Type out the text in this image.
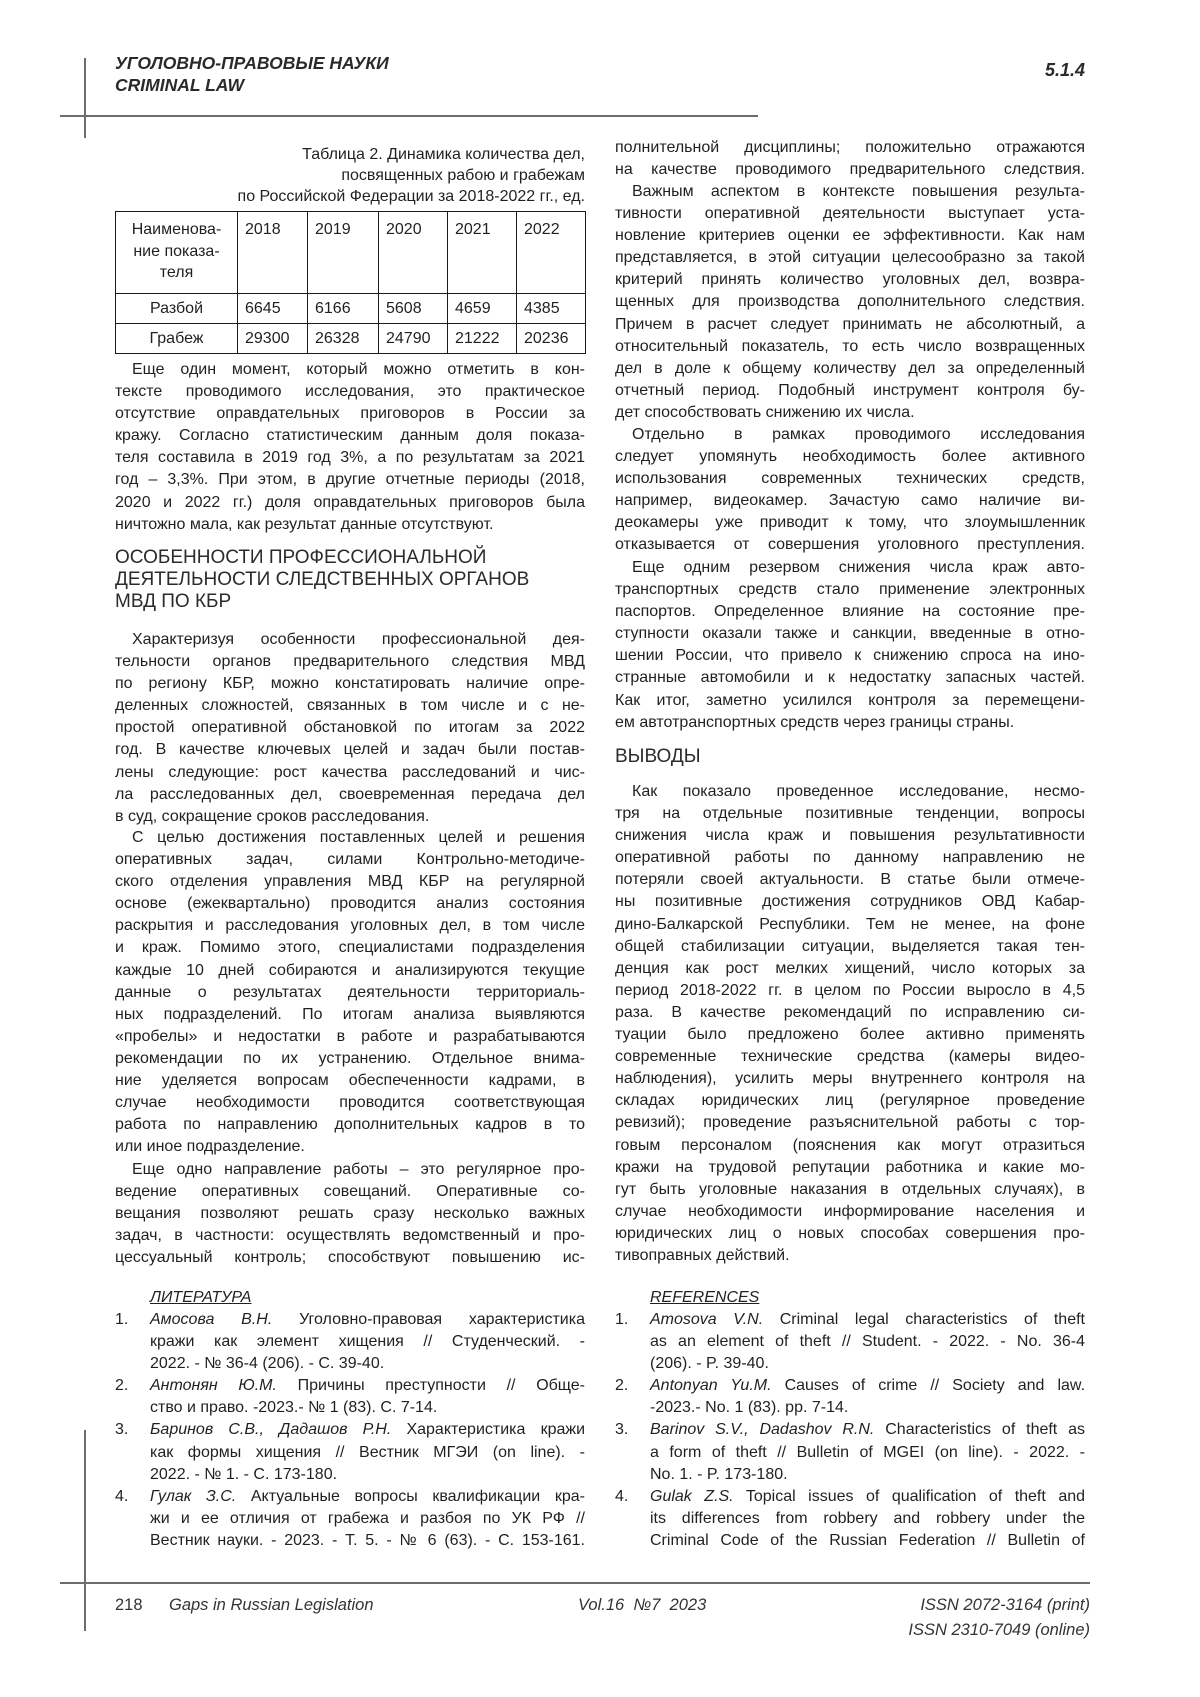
УГОЛОВНО-ПРАВОВЫЕ НАУКИ
CRIMINAL LAW
5.1.4
Таблица 2. Динамика количества дел,
посвященных рабою и грабежам
по Российской Федерации за 2018-2022 гг., ед.
Наименова-
ние показа-
теля	2018	2019	2020	2021	2022
Разбой	6645	6166	5608	4659	4385
Грабеж	29300	26328	24790	21222	20236
Еще один момент, который можно отметить в кон-
тексте проводимого исследования, это практическое
отсутствие оправдательных приговоров в России за
кражу. Согласно статистическим данным доля показа-
теля составила в 2019 год 3%, а по результатам за 2021
год – 3,3%. При этом, в другие отчетные периоды (2018,
2020 и 2022 гг.) доля оправдательных приговоров была
ничтожно мала, как результат данные отсутствуют.
ОСОБЕННОСТИ ПРОФЕССИОНАЛЬНОЙ
ДЕЯТЕЛЬНОСТИ СЛЕДСТВЕННЫХ ОРГАНОВ
МВД ПО КБР
Характеризуя особенности профессиональной дея-
тельности органов предварительного следствия МВД
по региону КБР, можно констатировать наличие опре-
деленных сложностей, связанных в том числе и с не-
простой оперативной обстановкой по итогам за 2022
год. В качестве ключевых целей и задач были постав-
лены следующие: рост качества расследований и чис-
ла расследованных дел, своевременная передача дел
в суд, сокращение сроков расследования.
С целью достижения поставленных целей и решения
оперативных задач, силами Контрольно-методиче-
ского отделения управления МВД КБР на регулярной
основе (ежеквартально) проводится анализ состояния
раскрытия и расследования уголовных дел, в том числе
и краж. Помимо этого, специалистами подразделения
каждые 10 дней собираются и анализируются текущие
данные о результатах деятельности территориаль-
ных подразделений. По итогам анализа выявляются
«пробелы» и недостатки в работе и разрабатываются
рекомендации по их устранению. Отдельное внима-
ние уделяется вопросам обеспеченности кадрами, в
случае необходимости проводится соответствующая
работа по направлению дополнительных кадров в то
или иное подразделение.
Еще одно направление работы – это регулярное про-
ведение оперативных совещаний. Оперативные со-
вещания позволяют решать сразу несколько важных
задач, в частности: осуществлять ведомственный и про-
цессуальный контроль; способствуют повышению ис-
ЛИТЕРАТУРА
1. Амосова В.Н. Уголовно-правовая характеристика
кражи как элемент хищения // Студенческий. -
2022. - № 36-4 (206). - С. 39-40.
2. Антонян Ю.М. Причины преступности // Обще-
ство и право. -2023.- № 1 (83). С. 7-14.
3. Баринов С.В., Дадашов Р.Н. Характеристика кражи
как формы хищения // Вестник МГЭИ (on line). -
2022. - № 1. - С. 173-180.
4. Гулак З.С. Актуальные вопросы квалификации кра-
жи и ее отличия от грабежа и разбоя по УК РФ //
Вестник науки. - 2023. - Т. 5. - № 6 (63). - С. 153-161.
полнительной дисциплины; положительно отражаются
на качестве проводимого предварительного следствия.
Важным аспектом в контексте повышения результа-
тивности оперативной деятельности выступает уста-
новление критериев оценки ее эффективности. Как нам
представляется, в этой ситуации целесообразно за такой
критерий принять количество уголовных дел, возвра-
щенных для производства дополнительного следствия.
Причем в расчет следует принимать не абсолютный, а
относительный показатель, то есть число возвращенных
дел в доле к общему количеству дел за определенный
отчетный период. Подобный инструмент контроля бу-
дет способствовать снижению их числа.
Отдельно в рамках проводимого исследования
следует упомянуть необходимость более активного
использования современных технических средств,
например, видеокамер. Зачастую само наличие ви-
деокамеры уже приводит к тому, что злоумышленник
отказывается от совершения уголовного преступления.
Еще одним резервом снижения числа краж авто-
транспортных средств стало применение электронных
паспортов. Определенное влияние на состояние пре-
ступности оказали также и санкции, введенные в отно-
шении России, что привело к снижению спроса на ино-
странные автомобили и к недостатку запасных частей.
Как итог, заметно усилился контроля за перемещени-
ем автотранспортных средств через границы страны.
ВЫВОДЫ
Как показало проведенное исследование, несмо-
тря на отдельные позитивные тенденции, вопросы
снижения числа краж и повышения результативности
оперативной работы по данному направлению не
потеряли своей актуальности. В статье были отмече-
ны позитивные достижения сотрудников ОВД Кабар-
дино-Балкарской Республики. Тем не менее, на фоне
общей стабилизации ситуации, выделяется такая тен-
денция как рост мелких хищений, число которых за
период 2018-2022 гг. в целом по России выросло в 4,5
раза. В качестве рекомендаций по исправлению си-
туации было предложено более активно применять
современные технические средства (камеры видео-
наблюдения), усилить меры внутреннего контроля на
складах юридических лиц (регулярное проведение
ревизий); проведение разъяснительной работы с тор-
говым персоналом (пояснения как могут отразиться
кражи на трудовой репутации работника и какие мо-
гут быть уголовные наказания в отдельных случаях), в
случае необходимости информирование населения и
юридических лиц о новых способах совершения про-
тивоправных действий.
REFERENCES
1. Amosova V.N. Criminal legal characteristics of theft
as an element of theft // Student. - 2022. - No. 36-4
(206). - P. 39-40.
2. Antonyan Yu.M. Causes of crime // Society and law.
-2023.- No. 1 (83). pp. 7-14.
3. Barinov S.V., Dadashov R.N. Characteristics of theft as
a form of theft // Bulletin of MGEI (on line). - 2022. -
No. 1. - P. 173-180.
4. Gulak Z.S. Topical issues of qualification of theft and
its differences from robbery and robbery under the
Criminal Code of the Russian Federation // Bulletin of
218 Gaps in Russian Legislation	Vol.16  №7  2023	ISSN 2072-3164 (print)
ISSN 2310-7049 (online)
